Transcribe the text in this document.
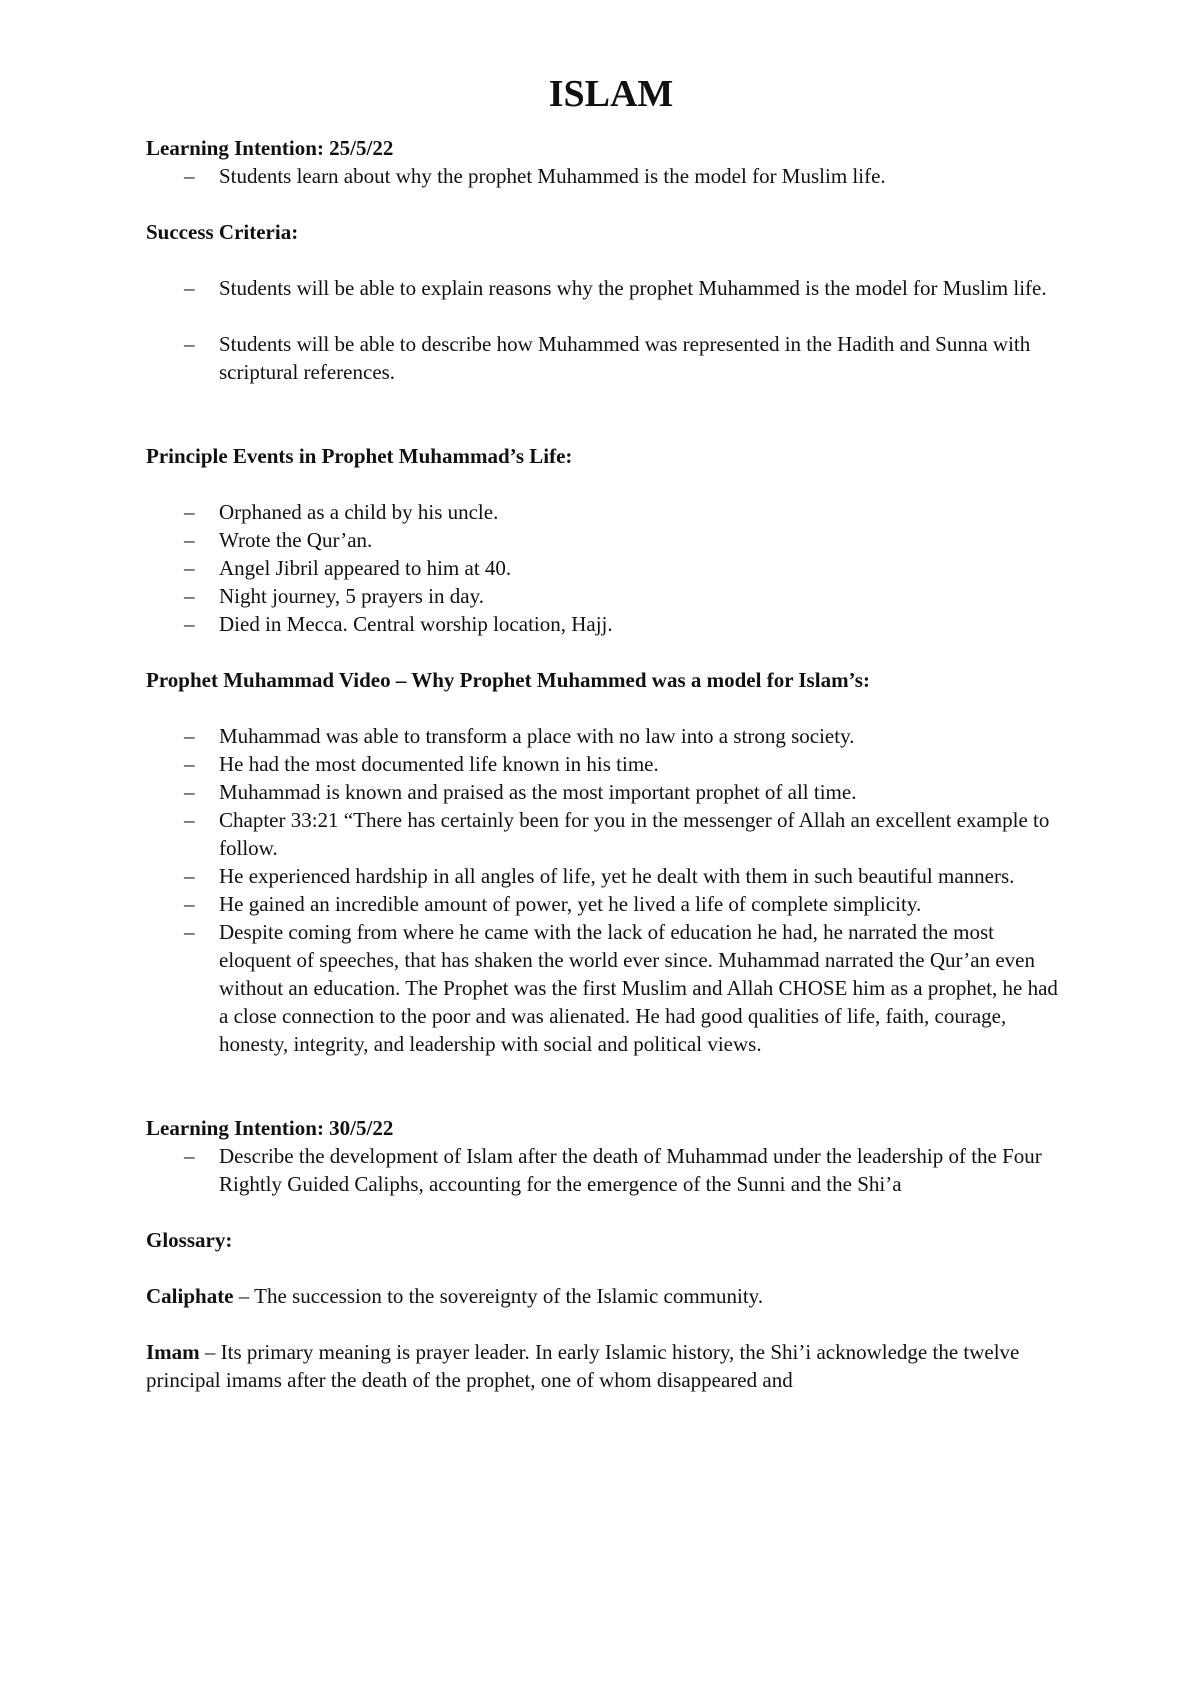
ISLAM
Learning Intention: 25/5/22
– Students learn about why the prophet Muhammed is the model for Muslim life.
Success Criteria:
– Students will be able to explain reasons why the prophet Muhammed is the model for Muslim life.
– Students will be able to describe how Muhammed was represented in the Hadith and Sunna with scriptural references.
Principle Events in Prophet Muhammad’s Life:
– Orphaned as a child by his uncle.
– Wrote the Qur’an.
– Angel Jibril appeared to him at 40.
– Night journey, 5 prayers in day.
– Died in Mecca. Central worship location, Hajj.
Prophet Muhammad Video – Why Prophet Muhammed was a model for Islam’s:
– Muhammad was able to transform a place with no law into a strong society.
– He had the most documented life known in his time.
– Muhammad is known and praised as the most important prophet of all time.
– Chapter 33:21 “There has certainly been for you in the messenger of Allah an excellent example to follow.
– He experienced hardship in all angles of life, yet he dealt with them in such beautiful manners.
– He gained an incredible amount of power, yet he lived a life of complete simplicity.
– Despite coming from where he came with the lack of education he had, he narrated the most eloquent of speeches, that has shaken the world ever since. Muhammad narrated the Qur’an even without an education. The Prophet was the first Muslim and Allah CHOSE him as a prophet, he had a close connection to the poor and was alienated. He had good qualities of life, faith, courage, honesty, integrity, and leadership with social and political views.
Learning Intention: 30/5/22
– Describe the development of Islam after the death of Muhammad under the leadership of the Four Rightly Guided Caliphs, accounting for the emergence of the Sunni and the Shi’a
Glossary:

Caliphate – The succession to the sovereignty of the Islamic community.

Imam – Its primary meaning is prayer leader. In early Islamic history, the Shi’i acknowledge the twelve principal imams after the death of the prophet, one of whom disappeared and
